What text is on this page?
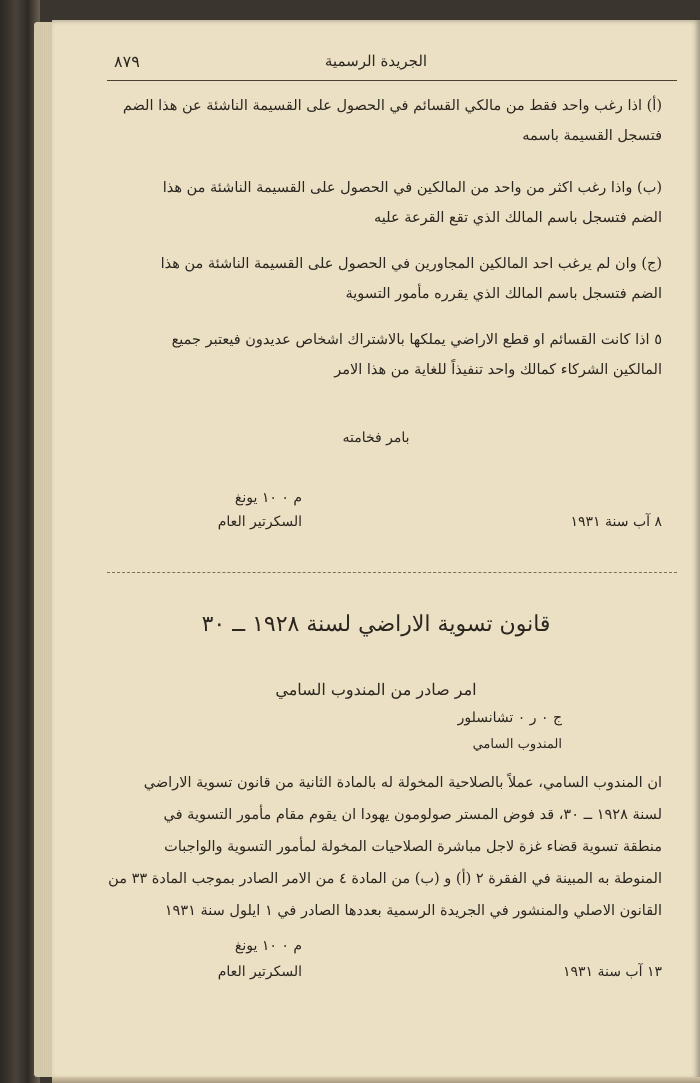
الجريدة الرسمية
٨٧٩
(أ) اذا رغب واحد فقط من مالكي القسائم في الحصول على القسيمة الناشئة عن هذا الضم
فتسجل القسيمة باسمه
(ب) واذا رغب اكثر من واحد من المالكين في الحصول على القسيمة الناشئة من هذا
الضم فتسجل باسم المالك الذي تقع القرعة عليه
(ج) وان لم يرغب احد المالكين المجاورين في الحصول على القسيمة الناشئة من هذا
الضم فتسجل باسم المالك الذي يقرره مأمور التسوية
٥ اذا كانت القسائم او قطع الاراضي يملكها بالاشتراك اشخاص عديدون فيعتبر جميع
المالكين الشركاء كمالك واحد تنفيذاً للغاية من هذا الامر
بامر فخامته
م ٠ ١٠ يونغ
السكرتير العام	٨ آب سنة ١٩٣١
قانون تسوية الاراضي لسنة ١٩٢٨ ــ ٣٠
امر صادر من المندوب السامي
ج ٠ ر ٠ تشانسلور
المندوب السامي
ان المندوب السامي، عملاً بالصلاحية المخولة له بالمادة الثانية من قانون تسوية الاراضي
لسنة ١٩٢٨ ــ ٣٠، قد فوض المستر صولومون يهودا ان يقوم مقام مأمور التسوية في
منطقة تسوية قضاء غزة لاجل مباشرة الصلاحيات المخولة لمأمور التسوية والواجبات
المنوطة به المبينة في الفقرة ٢ (أ) و (ب) من المادة ٤ من الامر الصادر بموجب المادة ٣٣ من
القانون الاصلي والمنشور في الجريدة الرسمية بعددها الصادر في ١ ايلول سنة ١٩٣١
م ٠ ١٠ يونغ
السكرتير العام	١٣ آب سنة ١٩٣١
